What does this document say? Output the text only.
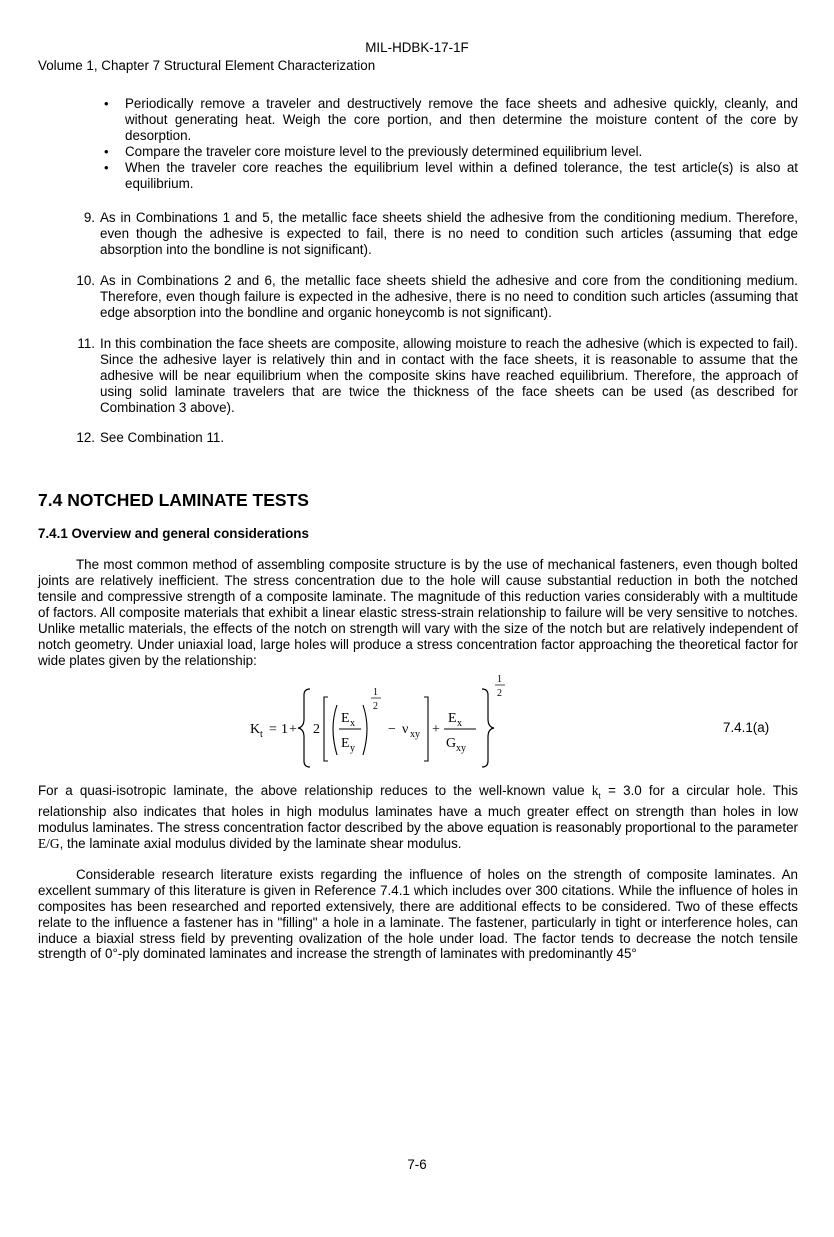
MIL-HDBK-17-1F
Volume 1, Chapter 7 Structural Element Characterization
• Periodically remove a traveler and destructively remove the face sheets and adhesive quickly, cleanly, and without generating heat. Weigh the core portion, and then determine the moisture content of the core by desorption.
• Compare the traveler core moisture level to the previously determined equilibrium level.
• When the traveler core reaches the equilibrium level within a defined tolerance, the test article(s) is also at equilibrium.
9. As in Combinations 1 and 5, the metallic face sheets shield the adhesive from the conditioning medium. Therefore, even though the adhesive is expected to fail, there is no need to condition such articles (assuming that edge absorption into the bondline is not significant).

10. As in Combinations 2 and 6, the metallic face sheets shield the adhesive and core from the conditioning medium. Therefore, even though failure is expected in the adhesive, there is no need to condition such articles (assuming that edge absorption into the bondline and organic honeycomb is not significant).

11. In this combination the face sheets are composite, allowing moisture to reach the adhesive (which is expected to fail). Since the adhesive layer is relatively thin and in contact with the face sheets, it is reasonable to assume that the adhesive will be near equilibrium when the composite skins have reached equilibrium. Therefore, the approach of using solid laminate travelers that are twice the thickness of the face sheets can be used (as described for Combination 3 above).

12. See Combination 11.

7.4 NOTCHED LAMINATE TESTS
7.4.1 Overview and general considerations

The most common method of assembling composite structure is by the use of mechanical fasteners, even though bolted joints are relatively inefficient. The stress concentration due to the hole will cause substantial reduction in both the notched tensile and compressive strength of a composite laminate. The magnitude of this reduction varies considerably with a multitude of factors. All composite materials that exhibit a linear elastic stress-strain relationship to failure will be very sensitive to notches. Unlike metallic materials, the effects of the notch on strength will vary with the size of the notch but are relatively independent of notch geometry. Under uniaxial load, large holes will produce a stress concentration factor approaching the theoretical factor for wide plates given by the relationship:

K t = 1 + 2
E x
E y
1
2
− ν xy +
E x
G xy
1
2
7.4.1(a)

For a quasi-isotropic laminate, the above relationship reduces to the well-known value $k_t = 3.0$ for a circular hole. This relationship also indicates that holes in high modulus laminates have a much greater effect on strength than holes in low modulus laminates. The stress concentration factor described by the above equation is reasonably proportional to the parameter E/G, the laminate axial modulus divided by the laminate shear modulus.

Considerable research literature exists regarding the influence of holes on the strength of composite laminates. An excellent summary of this literature is given in Reference 7.4.1 which includes over 300 citations. While the influence of holes in composites has been researched and reported extensively, there are additional effects to be considered. Two of these effects relate to the influence a fastener has in "filling" a hole in a laminate. The fastener, particularly in tight or interference holes, can induce a biaxial stress field by preventing ovalization of the hole under load. The factor tends to decrease the notch tensile strength of 0°-ply dominated laminates and increase the strength of laminates with predominantly 45°

7-6
